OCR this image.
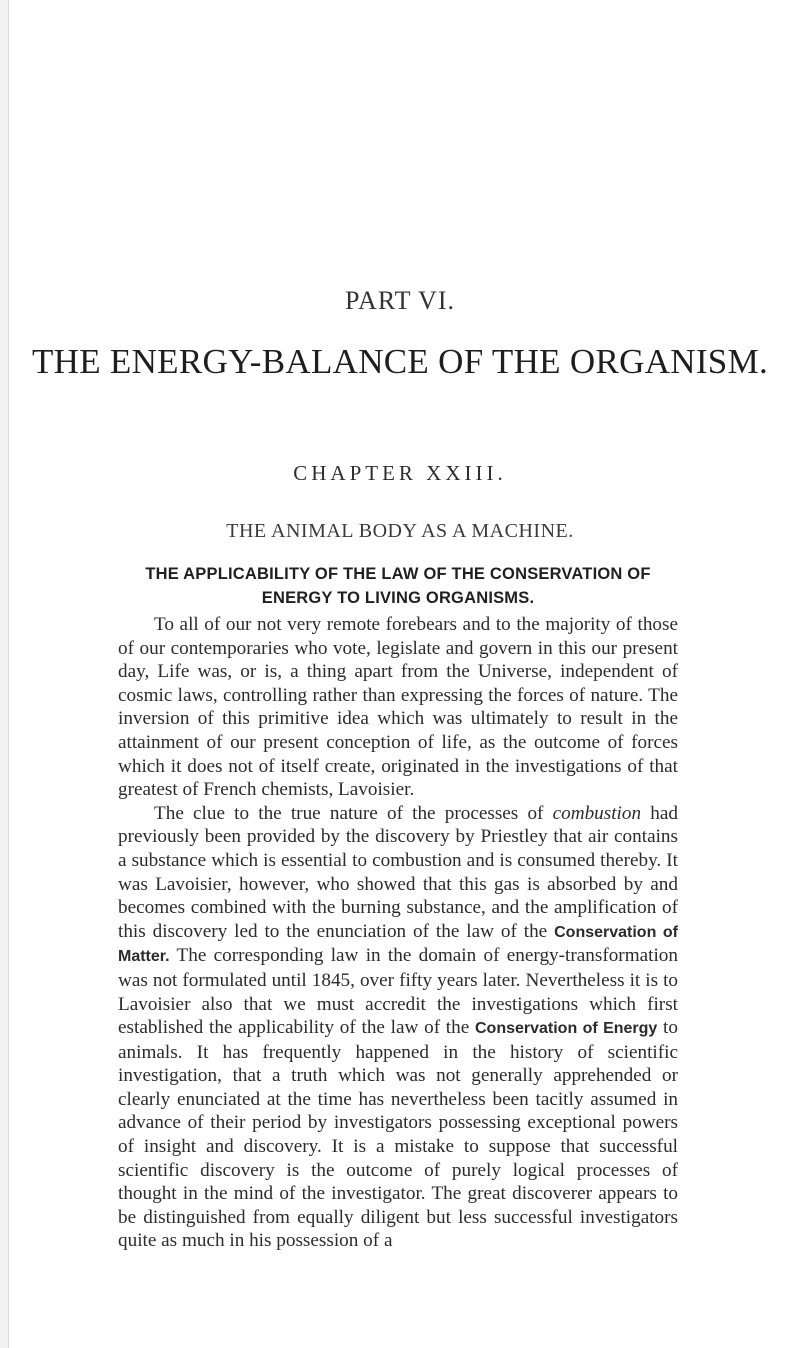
PART VI.
THE ENERGY-BALANCE OF THE ORGANISM.
CHAPTER XXIII.
THE ANIMAL BODY AS A MACHINE.
THE APPLICABILITY OF THE LAW OF THE CONSERVATION OF ENERGY TO LIVING ORGANISMS.

To all of our not very remote forebears and to the majority of those of our contemporaries who vote, legislate and govern in this our present day, Life was, or is, a thing apart from the Universe, independent of cosmic laws, controlling rather than expressing the forces of nature. The inversion of this primitive idea which was ultimately to result in the attainment of our present conception of life, as the outcome of forces which it does not of itself create, originated in the investigations of that greatest of French chemists, Lavoisier.

The clue to the true nature of the processes of combustion had previously been provided by the discovery by Priestley that air contains a substance which is essential to combustion and is consumed thereby. It was Lavoisier, however, who showed that this gas is absorbed by and becomes combined with the burning substance, and the amplification of this discovery led to the enunciation of the law of the Conservation of Matter. The corresponding law in the domain of energy-transformation was not formulated until 1845, over fifty years later. Nevertheless it is to Lavoisier also that we must accredit the investigations which first established the applicability of the law of the Conservation of Energy to animals. It has frequently happened in the history of scientific investigation, that a truth which was not generally apprehended or clearly enunciated at the time has nevertheless been tacitly assumed in advance of their period by investigators possessing exceptional powers of insight and discovery. It is a mistake to suppose that successful scientific discovery is the outcome of purely logical processes of thought in the mind of the investigator. The great discoverer appears to be distinguished from equally diligent but less successful investigators quite as much in his possession of a
